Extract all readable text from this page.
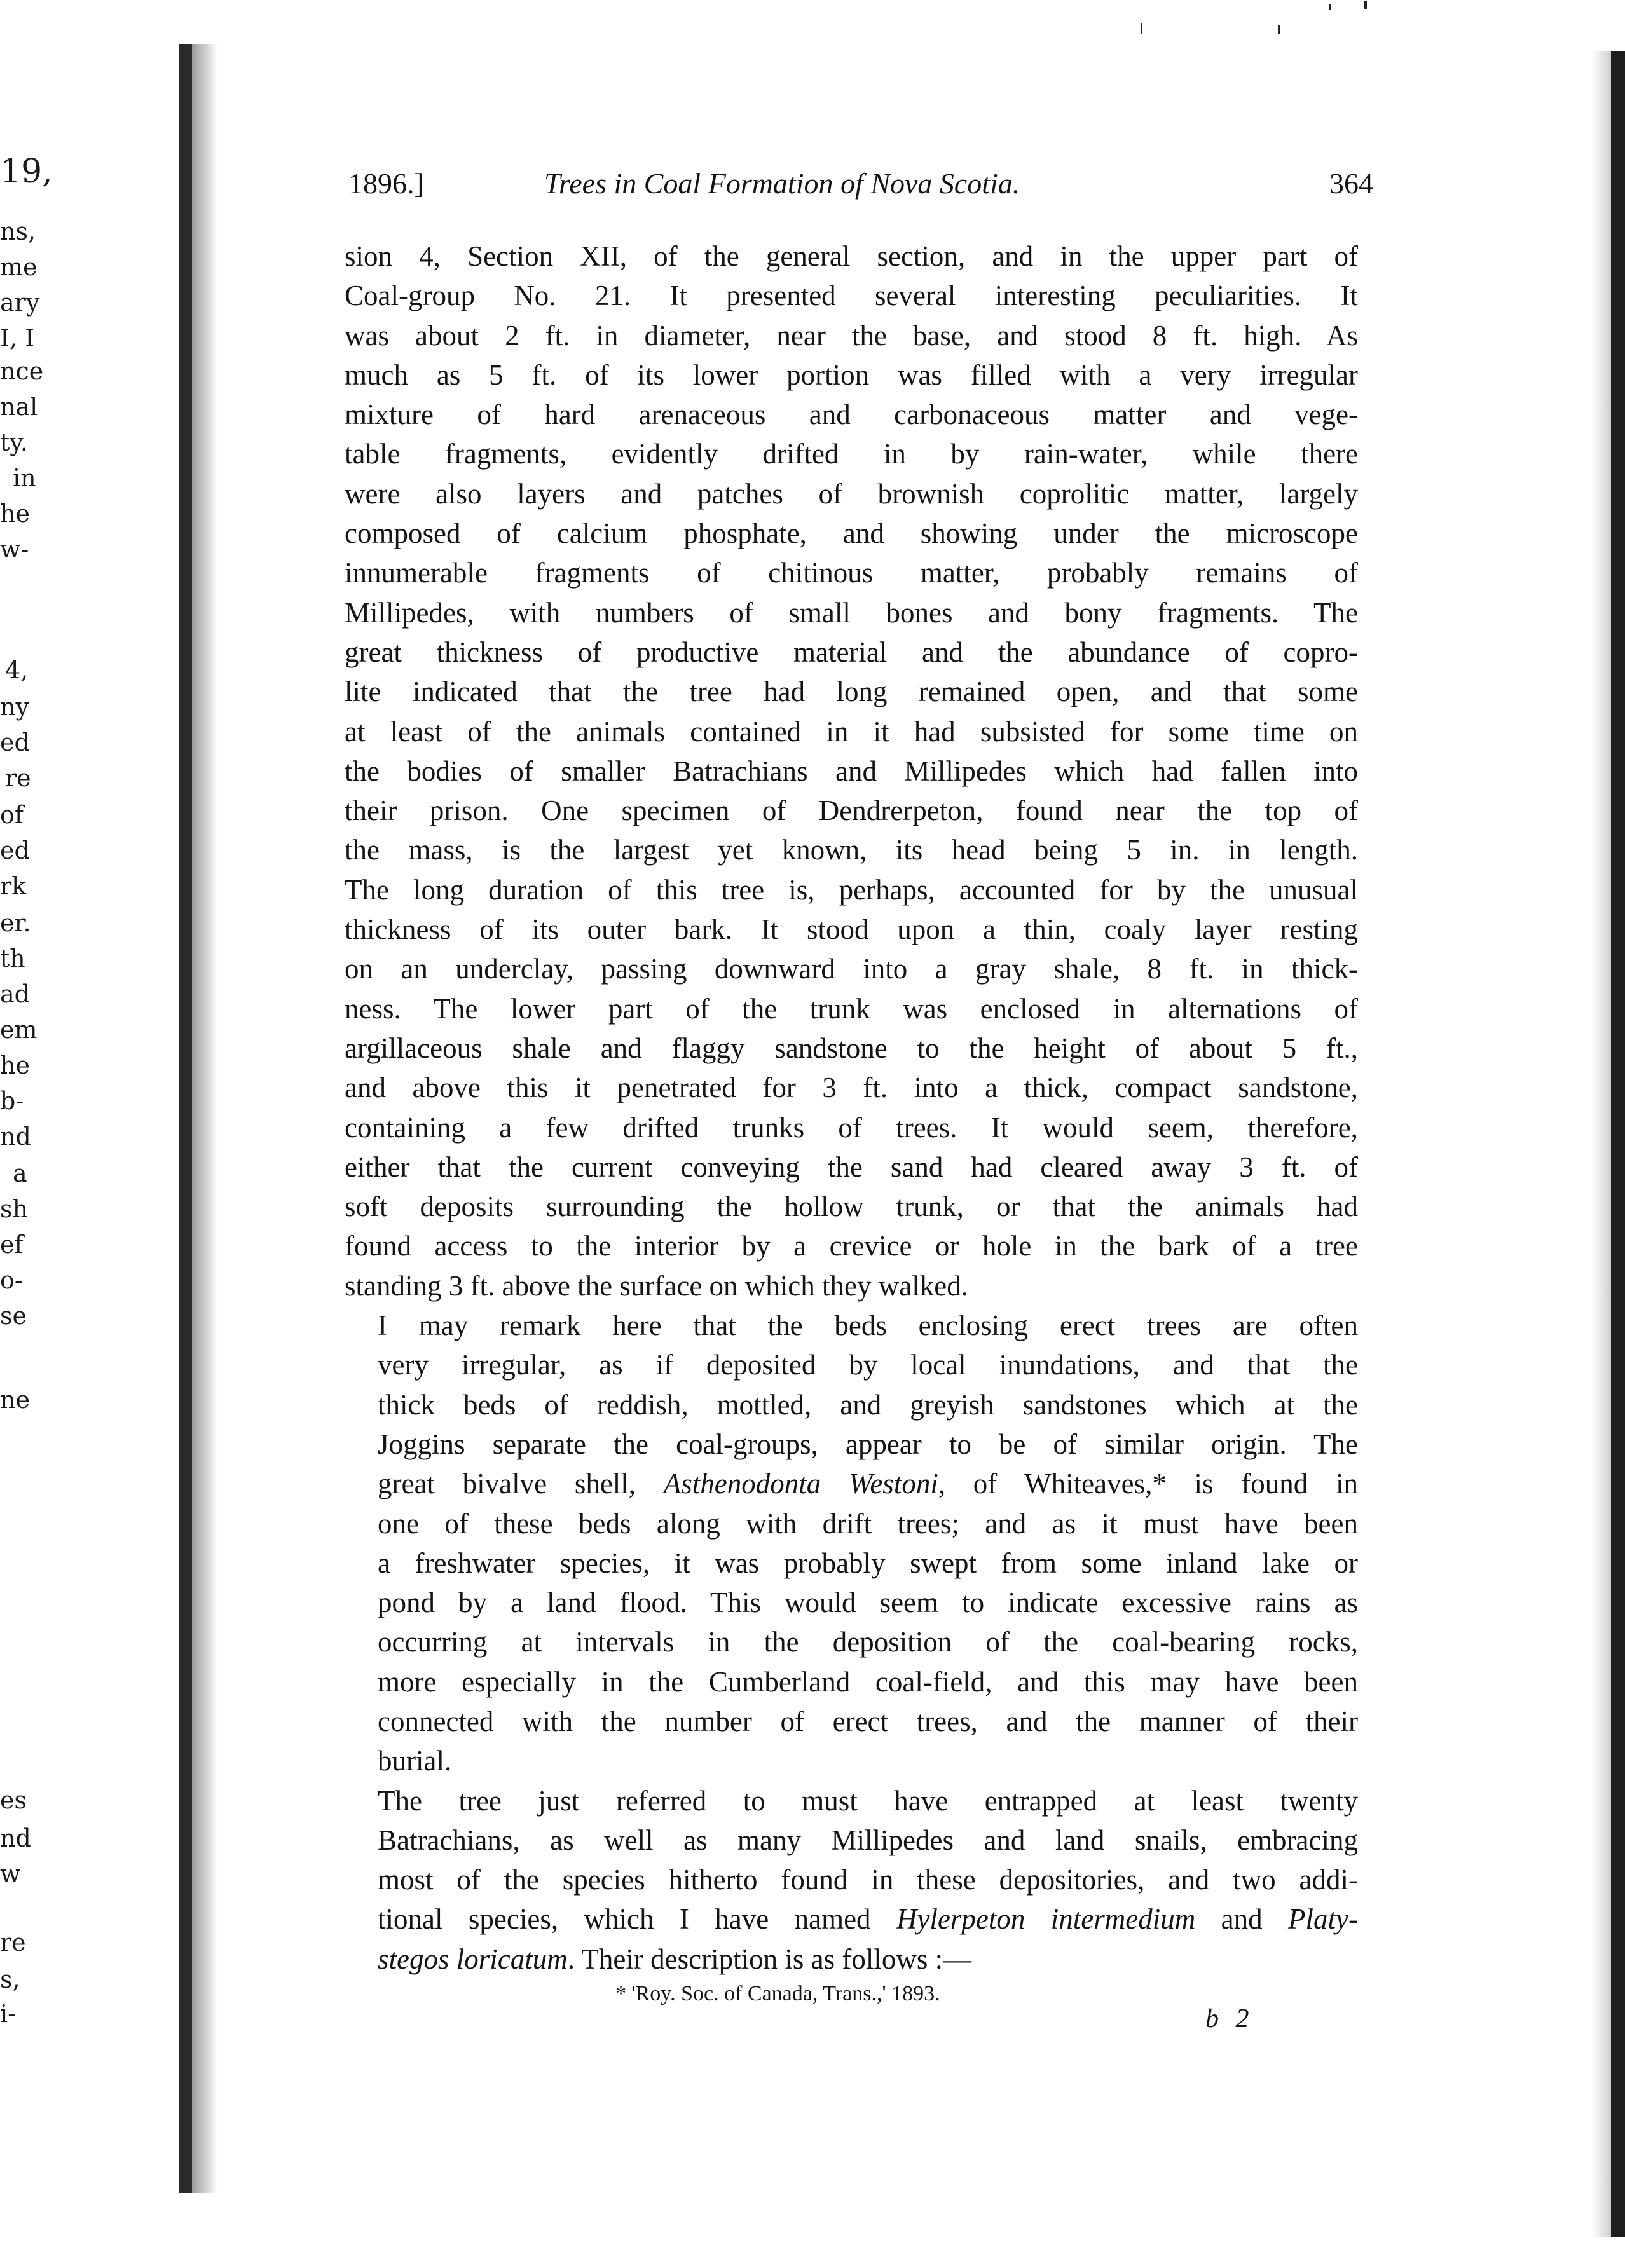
19,
ns,
me
ary
I, I
nce
nal
ty.
in
he
w-
4,
ny
ed
re
of
ed
rk
er.
th
ad
em
he
b-
nd
a
sh
ef
o-
se
ne
es
nd
w
re
s,
i-
1896.]	Trees in Coal Formation of Nova Scotia.	364

sion 4, Section XII, of the general section, and in the upper part of
Coal-group No. 21. It presented several interesting peculiarities. It
was about 2 ft. in diameter, near the base, and stood 8 ft. high. As
much as 5 ft. of its lower portion was filled with a very irregular
mixture of hard arenaceous and carbonaceous matter and vege-
table fragments, evidently drifted in by rain-water, while there
were also layers and patches of brownish coprolitic matter, largely
composed of calcium phosphate, and showing under the microscope
innumerable fragments of chitinous matter, probably remains of
Millipedes, with numbers of small bones and bony fragments. The
great thickness of productive material and the abundance of copro-
lite indicated that the tree had long remained open, and that some
at least of the animals contained in it had subsisted for some time on
the bodies of smaller Batrachians and Millipedes which had fallen into
their prison. One specimen of Dendrerpeton, found near the top of
the mass, is the largest yet known, its head being 5 in. in length.
The long duration of this tree is, perhaps, accounted for by the unusual
thickness of its outer bark. It stood upon a thin, coaly layer resting
on an underclay, passing downward into a gray shale, 8 ft. in thick-
ness. The lower part of the trunk was enclosed in alternations of
argillaceous shale and flaggy sandstone to the height of about 5 ft.,
and above this it penetrated for 3 ft. into a thick, compact sandstone,
containing a few drifted trunks of trees. It would seem, therefore,
either that the current conveying the sand had cleared away 3 ft. of
soft deposits surrounding the hollow trunk, or that the animals had
found access to the interior by a crevice or hole in the bark of a tree
standing 3 ft. above the surface on which they walked.

I may remark here that the beds enclosing erect trees are often
very irregular, as if deposited by local inundations, and that the
thick beds of reddish, mottled, and greyish sandstones which at the
Joggins separate the coal-groups, appear to be of similar origin. The
great bivalve shell, Asthenodonta Westoni, of Whiteaves,* is found in
one of these beds along with drift trees; and as it must have been
a freshwater species, it was probably swept from some inland lake or
pond by a land flood. This would seem to indicate excessive rains as
occurring at intervals in the deposition of the coal-bearing rocks,
more especially in the Cumberland coal-field, and this may have been
connected with the number of erect trees, and the manner of their
burial.

The tree just referred to must have entrapped at least twenty
Batrachians, as well as many Millipedes and land snails, embracing
most of the species hitherto found in these depositories, and two addi-
tional species, which I have named Hylerpeton intermedium and Platy-
stegos loricatum. Their description is as follows :—

* 'Roy. Soc. of Canada, Trans.,' 1893.
b 2
